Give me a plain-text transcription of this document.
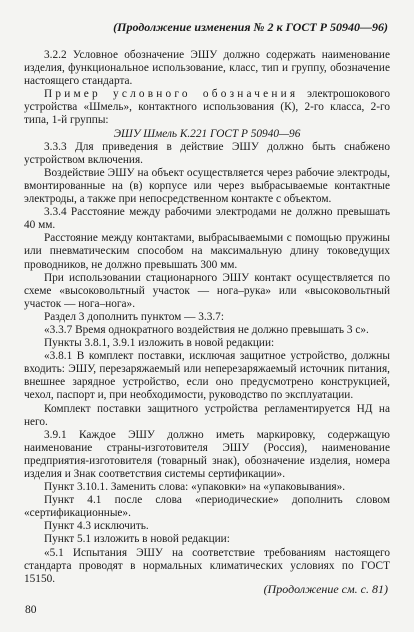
(Продолжение изменения № 2 к ГОСТ Р 50940—96)

3.2.2 Условное обозначение ЭШУ должно содержать наименование изделия, функциональное использование, класс, тип и группу, обозначение настоящего стандарта.

Пример условного обозначения электрошокового устройства «Шмель», контактного использования (К), 2-го класса, 2-го типа, 1-й группы:

ЭШУ Шмель К.221 ГОСТ Р 50940—96

3.3.3 Для приведения в действие ЭШУ должно быть снабжено устройством включения.

Воздействие ЭШУ на объект осуществляется через рабочие электроды, вмонтированные на (в) корпусе или через выбрасываемые контактные электроды, а также при непосредственном контакте с объектом.

3.3.4 Расстояние между рабочими электродами не должно превышать 40 мм.

Расстояние между контактами, выбрасываемыми с помощью пружины или пневматическим способом на максимальную длину токоведущих проводников, не должно превышать 300 мм.

При использовании стационарного ЭШУ контакт осуществляется по схеме «высоковольтный участок — нога–рука» или «высоковольтный участок — нога–нога».

Раздел 3 дополнить пунктом — 3.3.7:

«3.3.7 Время однократного воздействия не должно превышать 3 с».

Пункты 3.8.1, 3.9.1 изложить в новой редакции:

«3.8.1 В комплект поставки, исключая защитное устройство, должны входить: ЭШУ, перезаряжаемый или неперезаряжаемый источник питания, внешнее зарядное устройство, если оно предусмотрено конструкцией, чехол, паспорт и, при необходимости, руководство по эксплуатации.

Комплект поставки защитного устройства регламентируется НД на него.

3.9.1 Каждое ЭШУ должно иметь маркировку, содержащую наименование страны-изготовителя ЭШУ (Россия), наименование предприятия-изготовителя (товарный знак), обозначение изделия, номера изделия и Знак соответствия системы сертификации».

Пункт 3.10.1. Заменить слова: «упаковки» на «упаковывания».

Пункт 4.1 после слова «периодические» дополнить словом «сертификационные».

Пункт 4.3 исключить.

Пункт 5.1 изложить в новой редакции:

«5.1 Испытания ЭШУ на соответствие требованиям настоящего стандарта проводят в нормальных климатических условиях по ГОСТ 15150.

(Продолжение см. с. 81)
80
